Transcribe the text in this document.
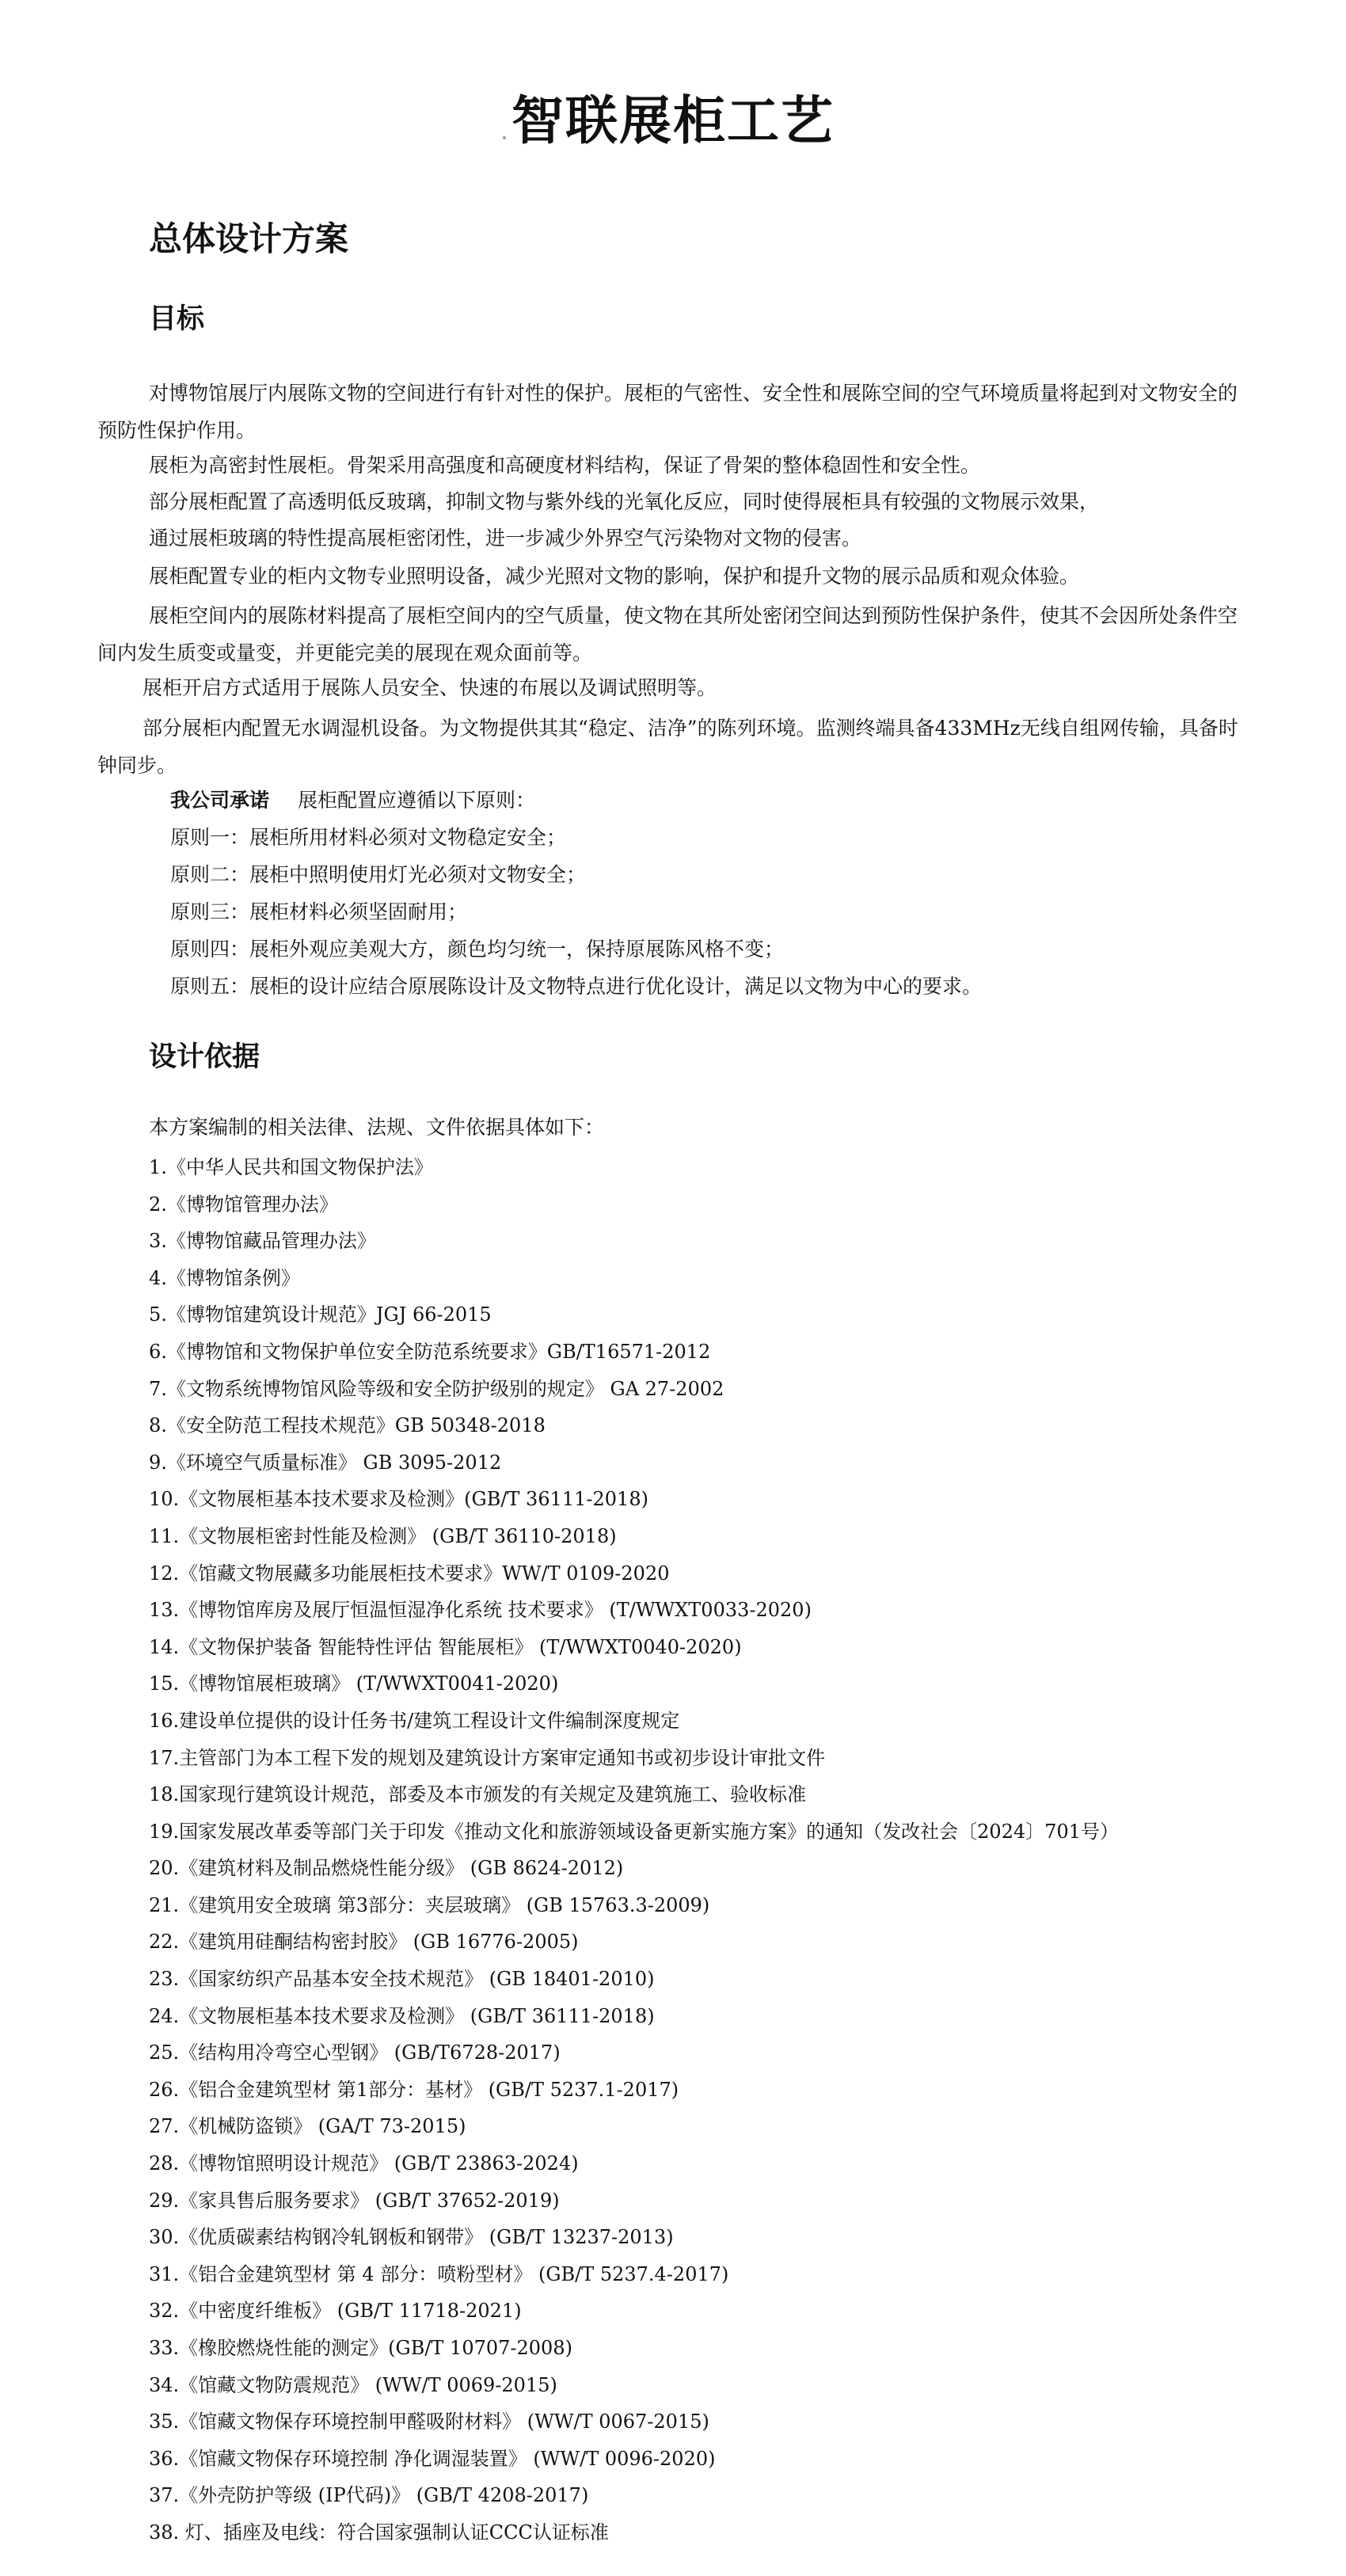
智联展柜工艺
总体设计方案
目标

对博物馆展厅内展陈文物的空间进行有针对性的保护。展柜的气密性、安全性和展陈空间的空气环境质量将起到对文物安全的预防性保护作用。

展柜为高密封性展柜。骨架采用高强度和高硬度材料结构，保证了骨架的整体稳固性和安全性。

部分展柜配置了高透明低反玻璃，抑制文物与紫外线的光氧化反应，同时使得展柜具有较强的文物展示效果，

通过展柜玻璃的特性提高展柜密闭性，进一步减少外界空气污染物对文物的侵害。

展柜配置专业的柜内文物专业照明设备，减少光照对文物的影响，保护和提升文物的展示品质和观众体验。

展柜空间内的展陈材料提高了展柜空间内的空气质量，使文物在其所处密闭空间达到预防性保护条件，使其不会因所处条件空间内发生质变或量变，并更能完美的展现在观众面前等。

展柜开启方式适用于展陈人员安全、快速的布展以及调试照明等。

部分展柜内配置无水调湿机设备。为文物提供其其“稳定、洁净”的陈列环境。监测终端具备433MHz无线自组网传输，具备时钟同步。

我公司承诺 展柜配置应遵循以下原则：

原则一：展柜所用材料必须对文物稳定安全；

原则二：展柜中照明使用灯光必须对文物安全；

原则三：展柜材料必须坚固耐用；

原则四：展柜外观应美观大方，颜色均匀统一，保持原展陈风格不变；

原则五：展柜的设计应结合原展陈设计及文物特点进行优化设计，满足以文物为中心的要求。

设计依据

本方案编制的相关法律、法规、文件依据具体如下：

1.《中华人民共和国文物保护法》
2.《博物馆管理办法》
3.《博物馆藏品管理办法》
4.《博物馆条例》
5.《博物馆建筑设计规范》JGJ 66-2015
6.《博物馆和文物保护单位安全防范系统要求》GB/T16571-2012
7.《文物系统博物馆风险等级和安全防护级别的规定》 GA 27-2002
8.《安全防范工程技术规范》GB 50348-2018
9.《环境空气质量标准》 GB 3095-2012
10.《文物展柜基本技术要求及检测》(GB/T 36111-2018)
11.《文物展柜密封性能及检测》 (GB/T 36110-2018)
12.《馆藏文物展藏多功能展柜技术要求》WW/T 0109-2020
13.《博物馆库房及展厅恒温恒湿净化系统 技术要求》 (T/WWXT0033-2020)
14.《文物保护装备 智能特性评估 智能展柜》 (T/WWXT0040-2020)
15.《博物馆展柜玻璃》 (T/WWXT0041-2020)
16.建设单位提供的设计任务书/建筑工程设计文件编制深度规定
17.主管部门为本工程下发的规划及建筑设计方案审定通知书或初步设计审批文件
18.国家现行建筑设计规范，部委及本市颁发的有关规定及建筑施工、验收标准
19.国家发展改革委等部门关于印发《推动文化和旅游领域设备更新实施方案》的通知（发改社会〔2024〕701号）
20.《建筑材料及制品燃烧性能分级》 (GB 8624-2012)
21.《建筑用安全玻璃 第3部分：夹层玻璃》 (GB 15763.3-2009)
22.《建筑用硅酮结构密封胶》 (GB 16776-2005)
23.《国家纺织产品基本安全技术规范》 (GB 18401-2010)
24.《文物展柜基本技术要求及检测》 (GB/T 36111-2018)
25.《结构用冷弯空心型钢》 (GB/T6728-2017)
26.《铝合金建筑型材 第1部分：基材》 (GB/T 5237.1-2017)
27.《机械防盗锁》 (GA/T 73-2015)
28.《博物馆照明设计规范》 (GB/T 23863-2024)
29.《家具售后服务要求》 (GB/T 37652-2019)
30.《优质碳素结构钢冷轧钢板和钢带》 (GB/T 13237-2013)
31.《铝合金建筑型材 第 4 部分：喷粉型材》 (GB/T 5237.4-2017)
32.《中密度纤维板》 (GB/T 11718-2021)
33.《橡胶燃烧性能的测定》(GB/T 10707-2008)
34.《馆藏文物防震规范》 (WW/T 0069-2015)
35.《馆藏文物保存环境控制甲醛吸附材料》 (WW/T 0067-2015)
36.《馆藏文物保存环境控制 净化调湿装置》 (WW/T 0096-2020)
37.《外壳防护等级 (IP代码)》 (GB/T 4208-2017)
38. 灯、插座及电线：符合国家强制认证CCC认证标准
